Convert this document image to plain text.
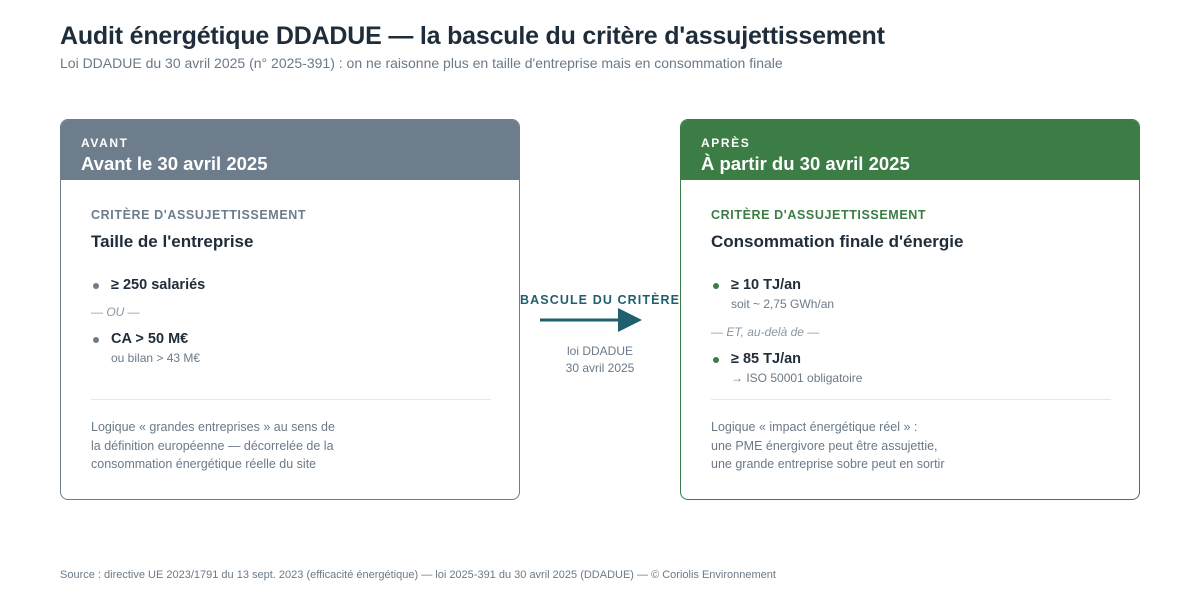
Audit énergétique DDADUE — la bascule du critère d'assujettissement
Loi DDADUE du 30 avril 2025 (n° 2025-391) : on ne raisonne plus en taille d'entreprise mais en consommation finale
AVANT
Avant le 30 avril 2025
CRITÈRE D'ASSUJETTISSEMENT
Taille de l'entreprise
≥ 250 salariés
— OU —
CA > 50 M€
ou bilan > 43 M€
Logique « grandes entreprises » au sens de
la définition européenne — décorrelée de la
consommation énergétique réelle du site
BASCULE DU CRITÈRE
loi DDADUE
30 avril 2025
APRÈS
À partir du 30 avril 2025
CRITÈRE D'ASSUJETTISSEMENT
Consommation finale d'énergie
≥ 10 TJ/an
soit ~ 2,75 GWh/an
— ET, au-delà de —
≥ 85 TJ/an
→ ISO 50001 obligatoire
Logique « impact énergétique réel » :
une PME énergivore peut être assujettie,
une grande entreprise sobre peut en sortir
Source : directive UE 2023/1791 du 13 sept. 2023 (efficacité énergétique) — loi 2025-391 du 30 avril 2025 (DDADUE) — © Coriolis Environnement
